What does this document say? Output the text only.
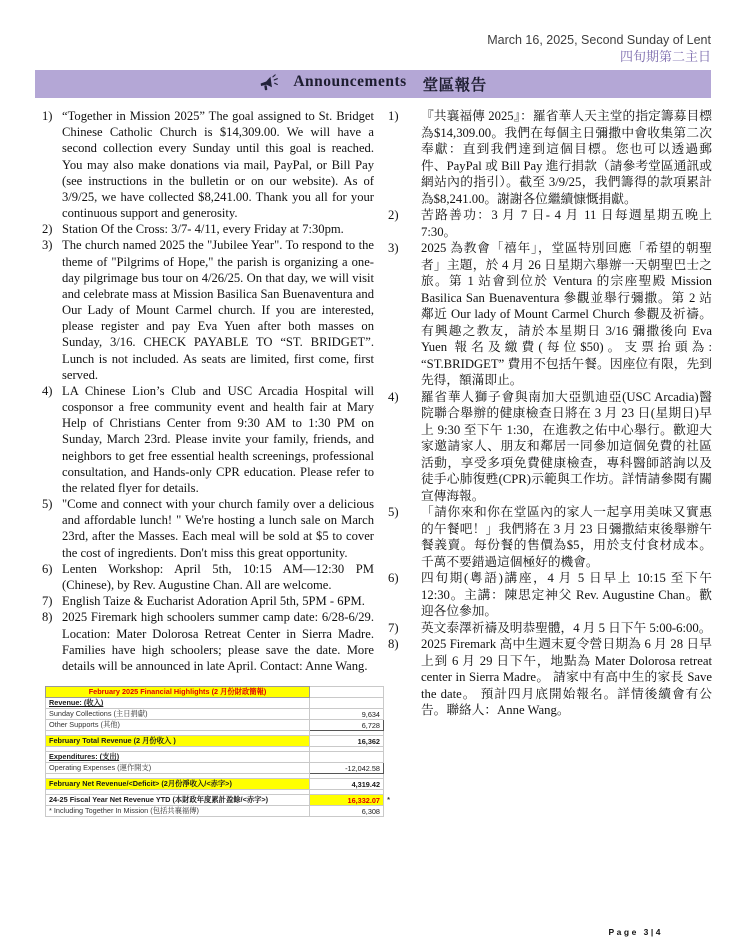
March 16, 2025, Second Sunday of Lent
四旬期第二主日
Announcements 堂區報告
1) “Together in Mission 2025” The goal assigned to St. Bridget Chinese Catholic Church is $14,309.00. We will have a second collection every Sunday until this goal is reached. You may also make donations via mail, PayPal, or Bill Pay (see instructions in the bulletin or on our website). As of 3/9/25, we have collected $8,241.00. Thank you all for your continuous support and generosity.
2) Station Of the Cross: 3/7- 4/11, every Friday at 7:30pm.
3) The church named 2025 the "Jubilee Year". To respond to the theme of "Pilgrims of Hope," the parish is organizing a one-day pilgrimage bus tour on 4/26/25. On that day, we will visit and celebrate mass at Mission Basilica San Buenaventura and Our Lady of Mount Carmel church. If you are interested, please register and pay Eva Yuen after both masses on Sunday, 3/16. CHECK PAYABLE TO “ST. BRIDGET”. Lunch is not included. As seats are limited, first come, first served.
4) LA Chinese Lion’s Club and USC Arcadia Hospital will cosponsor a free community event and health fair at Mary Help of Christians Center from 9:30 AM to 1:30 PM on Sunday, March 23rd. Please invite your family, friends, and neighbors to get free essential health screenings, professional consultation, and Hands-only CPR education. Please refer to the related flyer for details.
5) "Come and connect with your church family over a delicious and affordable lunch! " We're hosting a lunch sale on March 23rd, after the Masses. Each meal will be sold at $5 to cover the cost of ingredients. Don't miss this great opportunity.
6) Lenten Workshop: April 5th, 10:15 AM—12:30 PM (Chinese), by Rev. Augustine Chan. All are welcome.
7) English Taize & Eucharist Adoration April 5th, 5PM - 6PM.
8) 2025 Firemark high schoolers summer camp date: 6/28-6/29. Location: Mater Dolorosa Retreat Center in Sierra Madre. Families have high schoolers; please save the date. More details will be announced in late April. Contact: Anne Wang.
February 2025 Financial Highlights (2 月份財政簡報)	
Revenue: (收入)	
Sunday Collections (主日捐獻)	9,634
Other Supports (其他)	6,728

February Total Revenue (2 月份收入 )	16,362

Expenditures: (支出)	
Operating Expenses (運作開支)	-12,042.58

February Net Revenue/<Deficit> (2月份淨收入/<赤字>)	4,319.42

24-25 Fiscal Year Net Revenue YTD (本財政年度累計盈餘/<赤字>)	16,332.07 *

* Including Together In Mission (包括共襄福傳)	6,308
1)	『共襄福傳 2025』：羅省華人天主堂的指定籌募目標為$14,309.00。我們在每個主日彌撒中會收集第二次奉獻：直到我們達到這個目標。您也可以透過郵件、PayPal 或 Bill Pay 進行捐款（請參考堂區通訊或網站內的指引）。截至 3/9/25，我們籌得的款項累計為$8,241.00。謝謝各位繼續慷慨捐獻。
2)	苦路善功：3 月 7 日- 4 月 11 日每週星期五晚上 7:30。
3)	2025 為教會「禧年」，堂區特別回應「希望的朝聖者」主題，於 4 月 26 日星期六舉辦一天朝聖巴士之旅。第 1 站會到位於 Ventura 的宗座聖殿 Mission Basilica San Buenaventura 參觀並舉行彌撒。第 2 站鄰近 Our lady of Mount Carmel Church 參觀及祈禱。有興趣之教友，請於本星期日 3/16 彌撒後向 Eva Yuen 報名及繳費(每位$50)。支票抬頭為: “ST.BRIDGET” 費用不包括午餐。因座位有限，先到先得，額滿即止。
4)	羅省華人獅子會與南加大亞凱迪亞(USC Arcadia)醫院聯合舉辦的健康檢查日將在 3 月 23 日(星期日)早上 9:30 至下午 1:30，在進教之佑中心舉行。歡迎大家邀請家人、朋友和鄰居一同參加這個免費的社區活動，享受多項免費健康檢查，專科醫師諮詢以及徒手心肺復甦(CPR)示範與工作坊。詳情請參閱有關宣傳海報。
5)	「請你來和你在堂區內的家人一起享用美味又實惠的午餐吧！」我們將在 3 月 23 日彌撒結束後舉辦午餐義賣。每份餐的售價為$5，用於支付食材成本。千萬不要錯過這個極好的機會。
6)	四旬期(粵語)講座，4 月 5 日早上 10:15 至下午 12:30。主講：陳思定神父 Rev. Augustine Chan。歡迎各位參加。
7)	英文泰澤祈禱及明恭聖體，4 月 5 日下午 5:00-6:00。
8)	2025 Firemark 高中生週末夏令營日期為 6 月 28 日早上到 6 月 29 日下午，地點為 Mater Dolorosa retreat center in Sierra Madre。 請家中有高中生的家長 Save the date。 預計四月底開始報名。詳情後續會有公告。聯絡人：Anne Wang。
Page 3|4
